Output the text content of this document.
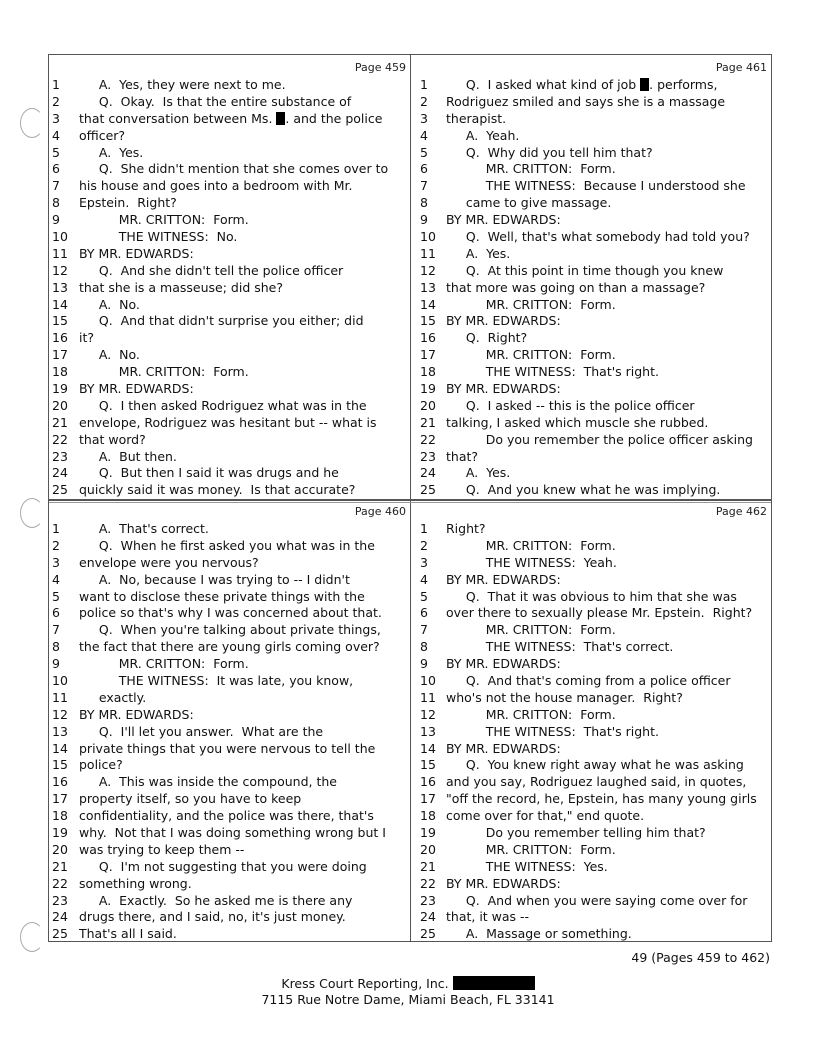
Page 459
1	A.  Yes, they were next to me.
2	Q.  Okay.  Is that the entire substance of
3	that conversation between Ms. . and the police
4	officer?
5	A.  Yes.
6	Q.  She didn't mention that she comes over to
7	his house and goes into a bedroom with Mr.
8	Epstein.  Right?
9	MR. CRITTON:  Form.
10 THE WITNESS:  No.
11 BY MR. EDWARDS:
12 Q.  And she didn't tell the police officer
13 that she is a masseuse; did she?
14 A.  No.
15 Q.  And that didn't surprise you either; did
16 it?
17 A.  No.
18 MR. CRITTON:  Form.
19 BY MR. EDWARDS:
20 Q.  I then asked Rodriguez what was in the
21 envelope, Rodriguez was hesitant but -- what is
22 that word?
23 A.  But then.
24 Q.  But then I said it was drugs and he
25 quickly said it was money.  Is that accurate?
Page 461
1	Q.  I asked what kind of job . performs,
2	Rodriguez smiled and says she is a massage
3	therapist.
4	A.  Yeah.
5	Q.  Why did you tell him that?
6	MR. CRITTON:  Form.
7	THE WITNESS:  Because I understood she
8	came to give massage.
9	BY MR. EDWARDS:
10 Q.  Well, that's what somebody had told you?
11 A.  Yes.
12 Q.  At this point in time though you knew
13 that more was going on than a massage?
14 MR. CRITTON:  Form.
15 BY MR. EDWARDS:
16 Q.  Right?
17 MR. CRITTON:  Form.
18 THE WITNESS:  That's right.
19 BY MR. EDWARDS:
20 Q.  I asked -- this is the police officer
21 talking, I asked which muscle she rubbed.
22 Do you remember the police officer asking
23 that?
24 A.  Yes.
25 Q.  And you knew what he was implying.
Page 460
1	A.  That's correct.
2	Q.  When he first asked you what was in the
3	envelope were you nervous?
4	A.  No, because I was trying to -- I didn't
5	want to disclose these private things with the
6	police so that's why I was concerned about that.
7	Q.  When you're talking about private things,
8	the fact that there are young girls coming over?
9	MR. CRITTON:  Form.
10 THE WITNESS:  It was late, you know,
11 exactly.
12 BY MR. EDWARDS:
13 Q.  I'll let you answer.  What are the
14 private things that you were nervous to tell the
15 police?
16 A.  This was inside the compound, the
17 property itself, so you have to keep
18 confidentiality, and the police was there, that's
19 why.  Not that I was doing something wrong but I
20 was trying to keep them --
21 Q.  I'm not suggesting that you were doing
22 something wrong.
23 A.  Exactly.  So he asked me is there any
24 drugs there, and I said, no, it's just money.
25 That's all I said.
Page 462
1	Right?
2	MR. CRITTON:  Form.
3	THE WITNESS:  Yeah.
4	BY MR. EDWARDS:
5	Q.  That it was obvious to him that she was
6	over there to sexually please Mr. Epstein.  Right?
7	MR. CRITTON:  Form.
8	THE WITNESS:  That's correct.
9	BY MR. EDWARDS:
10 Q.  And that's coming from a police officer
11 who's not the house manager.  Right?
12 MR. CRITTON:  Form.
13 THE WITNESS:  That's right.
14 BY MR. EDWARDS:
15 Q.  You knew right away what he was asking
16 and you say, Rodriguez laughed said, in quotes,
17 "off the record, he, Epstein, has many young girls
18 come over for that," end quote.
19 Do you remember telling him that?
20 MR. CRITTON:  Form.
21 THE WITNESS:  Yes.
22 BY MR. EDWARDS:
23 Q.  And when you were saying come over for
24 that, it was --
25 A.  Massage or something.
49 (Pages 459 to 462)
Kress Court Reporting, Inc.
7115 Rue Notre Dame, Miami Beach, FL 33141
